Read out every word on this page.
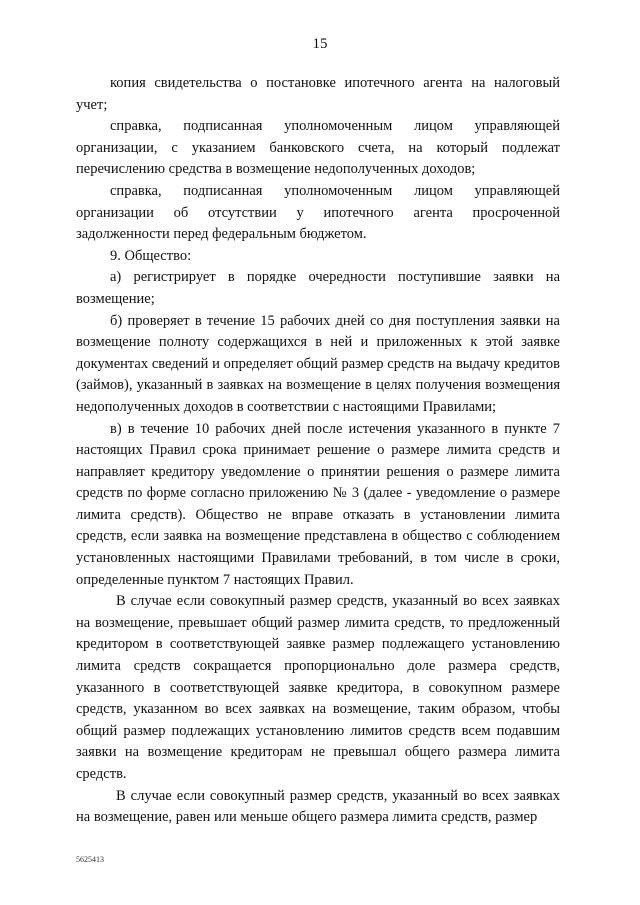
15

копия свидетельства о постановке ипотечного агента на налоговый учет;

справка, подписанная уполномоченным лицом управляющей организации, с указанием банковского счета, на который подлежат перечислению средства в возмещение недополученных доходов;

справка, подписанная уполномоченным лицом управляющей организации об отсутствии у ипотечного агента просроченной задолженности перед федеральным бюджетом.

9. Общество:

а) регистрирует в порядке очередности поступившие заявки на возмещение;

б) проверяет в течение 15 рабочих дней со дня поступления заявки на возмещение полноту содержащихся в ней и приложенных к этой заявке документах сведений и определяет общий размер средств на выдачу кредитов (займов), указанный в заявках на возмещение в целях получения возмещения недополученных доходов в соответствии с настоящими Правилами;

в) в течение 10 рабочих дней после истечения указанного в пункте 7 настоящих Правил срока принимает решение о размере лимита средств и направляет кредитору уведомление о принятии решения о размере лимита средств по форме согласно приложению № 3 (далее - уведомление о размере лимита средств). Общество не вправе отказать в установлении лимита средств, если заявка на возмещение представлена в общество с соблюдением установленных настоящими Правилами требований, в том числе в сроки, определенные пунктом 7 настоящих Правил.

В случае если совокупный размер средств, указанный во всех заявках на возмещение, превышает общий размер лимита средств, то предложенный кредитором в соответствующей заявке размер подлежащего установлению лимита средств сокращается пропорционально доле размера средств, указанного в соответствующей заявке кредитора, в совокупном размере средств, указанном во всех заявках на возмещение, таким образом, чтобы общий размер подлежащих установлению лимитов средств всем подавшим заявки на возмещение кредиторам не превышал общего размера лимита средств.

В случае если совокупный размер средств, указанный во всех заявках на возмещение, равен или меньше общего размера лимита средств, размер

5625413
